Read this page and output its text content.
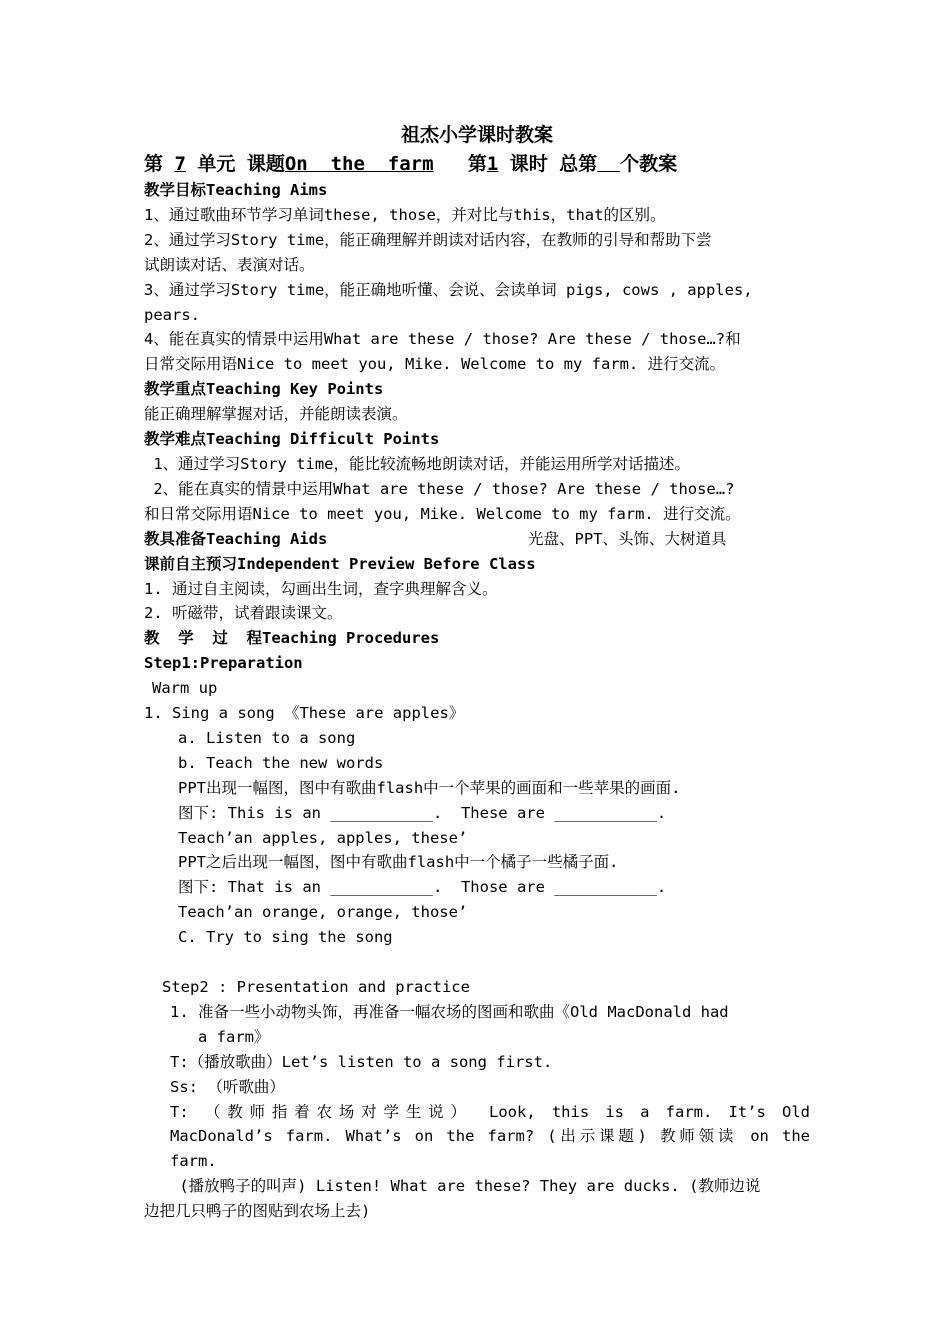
祖杰小学课时教案
第 7 单元 课题On  the  farm   第1 课时 总第 个教案
教学目标Teaching Aims
1、通过歌曲环节学习单词these, those，并对比与this，that的区别。
2、通过学习Story time，能正确理解并朗读对话内容，在教师的引导和帮助下尝
试朗读对话、表演对话。
3、通过学习Story time，能正确地听懂、会说、会读单词 pigs, cows , apples,
pears.
4、能在真实的情景中运用What are these / those? Are these / those…?和
日常交际用语Nice to meet you, Mike. Welcome to my farm. 进行交流。
教学重点Teaching Key Points
能正确理解掌握对话，并能朗读表演。
教学难点Teaching Difficult Points
1、通过学习Story time，能比较流畅地朗读对话，并能运用所学对话描述。
2、能在真实的情景中运用What are these / those? Are these / those…?
和日常交际用语Nice to meet you, Mike. Welcome to my farm. 进行交流。
教具准备Teaching Aids	光盘、PPT、头饰、大树道具
课前自主预习Independent Preview Before Class
1. 通过自主阅读，勾画出生词，查字典理解含义。
2. 听磁带，试着跟读课文。
教  学  过  程Teaching Procedures
Step1:Preparation
Warm up
1. Sing a song 《These are apples》
a. Listen to a song
b. Teach the new words
PPT出现一幅图，图中有歌曲flash中一个苹果的画面和一些苹果的画面.
图下: This is an ___________.  These are ___________.
Teach’an apples, apples, these’
PPT之后出现一幅图，图中有歌曲flash中一个橘子一些橘子面.
图下: That is an ___________.  Those are ___________.
Teach’an orange, orange, those’
C. Try to sing the song
Step2 : Presentation and practice
1. 准备一些小动物头饰，再准备一幅农场的图画和歌曲《Old MacDonald had
a farm》
T:（播放歌曲）Let’s listen to a song first.
Ss: （听歌曲）
T: （教师指着农场对学生说） Look, this is a farm. It’s Old
MacDonald’s farm. What’s on the farm? (出示课题) 教师领读 on the
farm.
(播放鸭子的叫声) Listen! What are these? They are ducks. (教师边说
边把几只鸭子的图贴到农场上去)
